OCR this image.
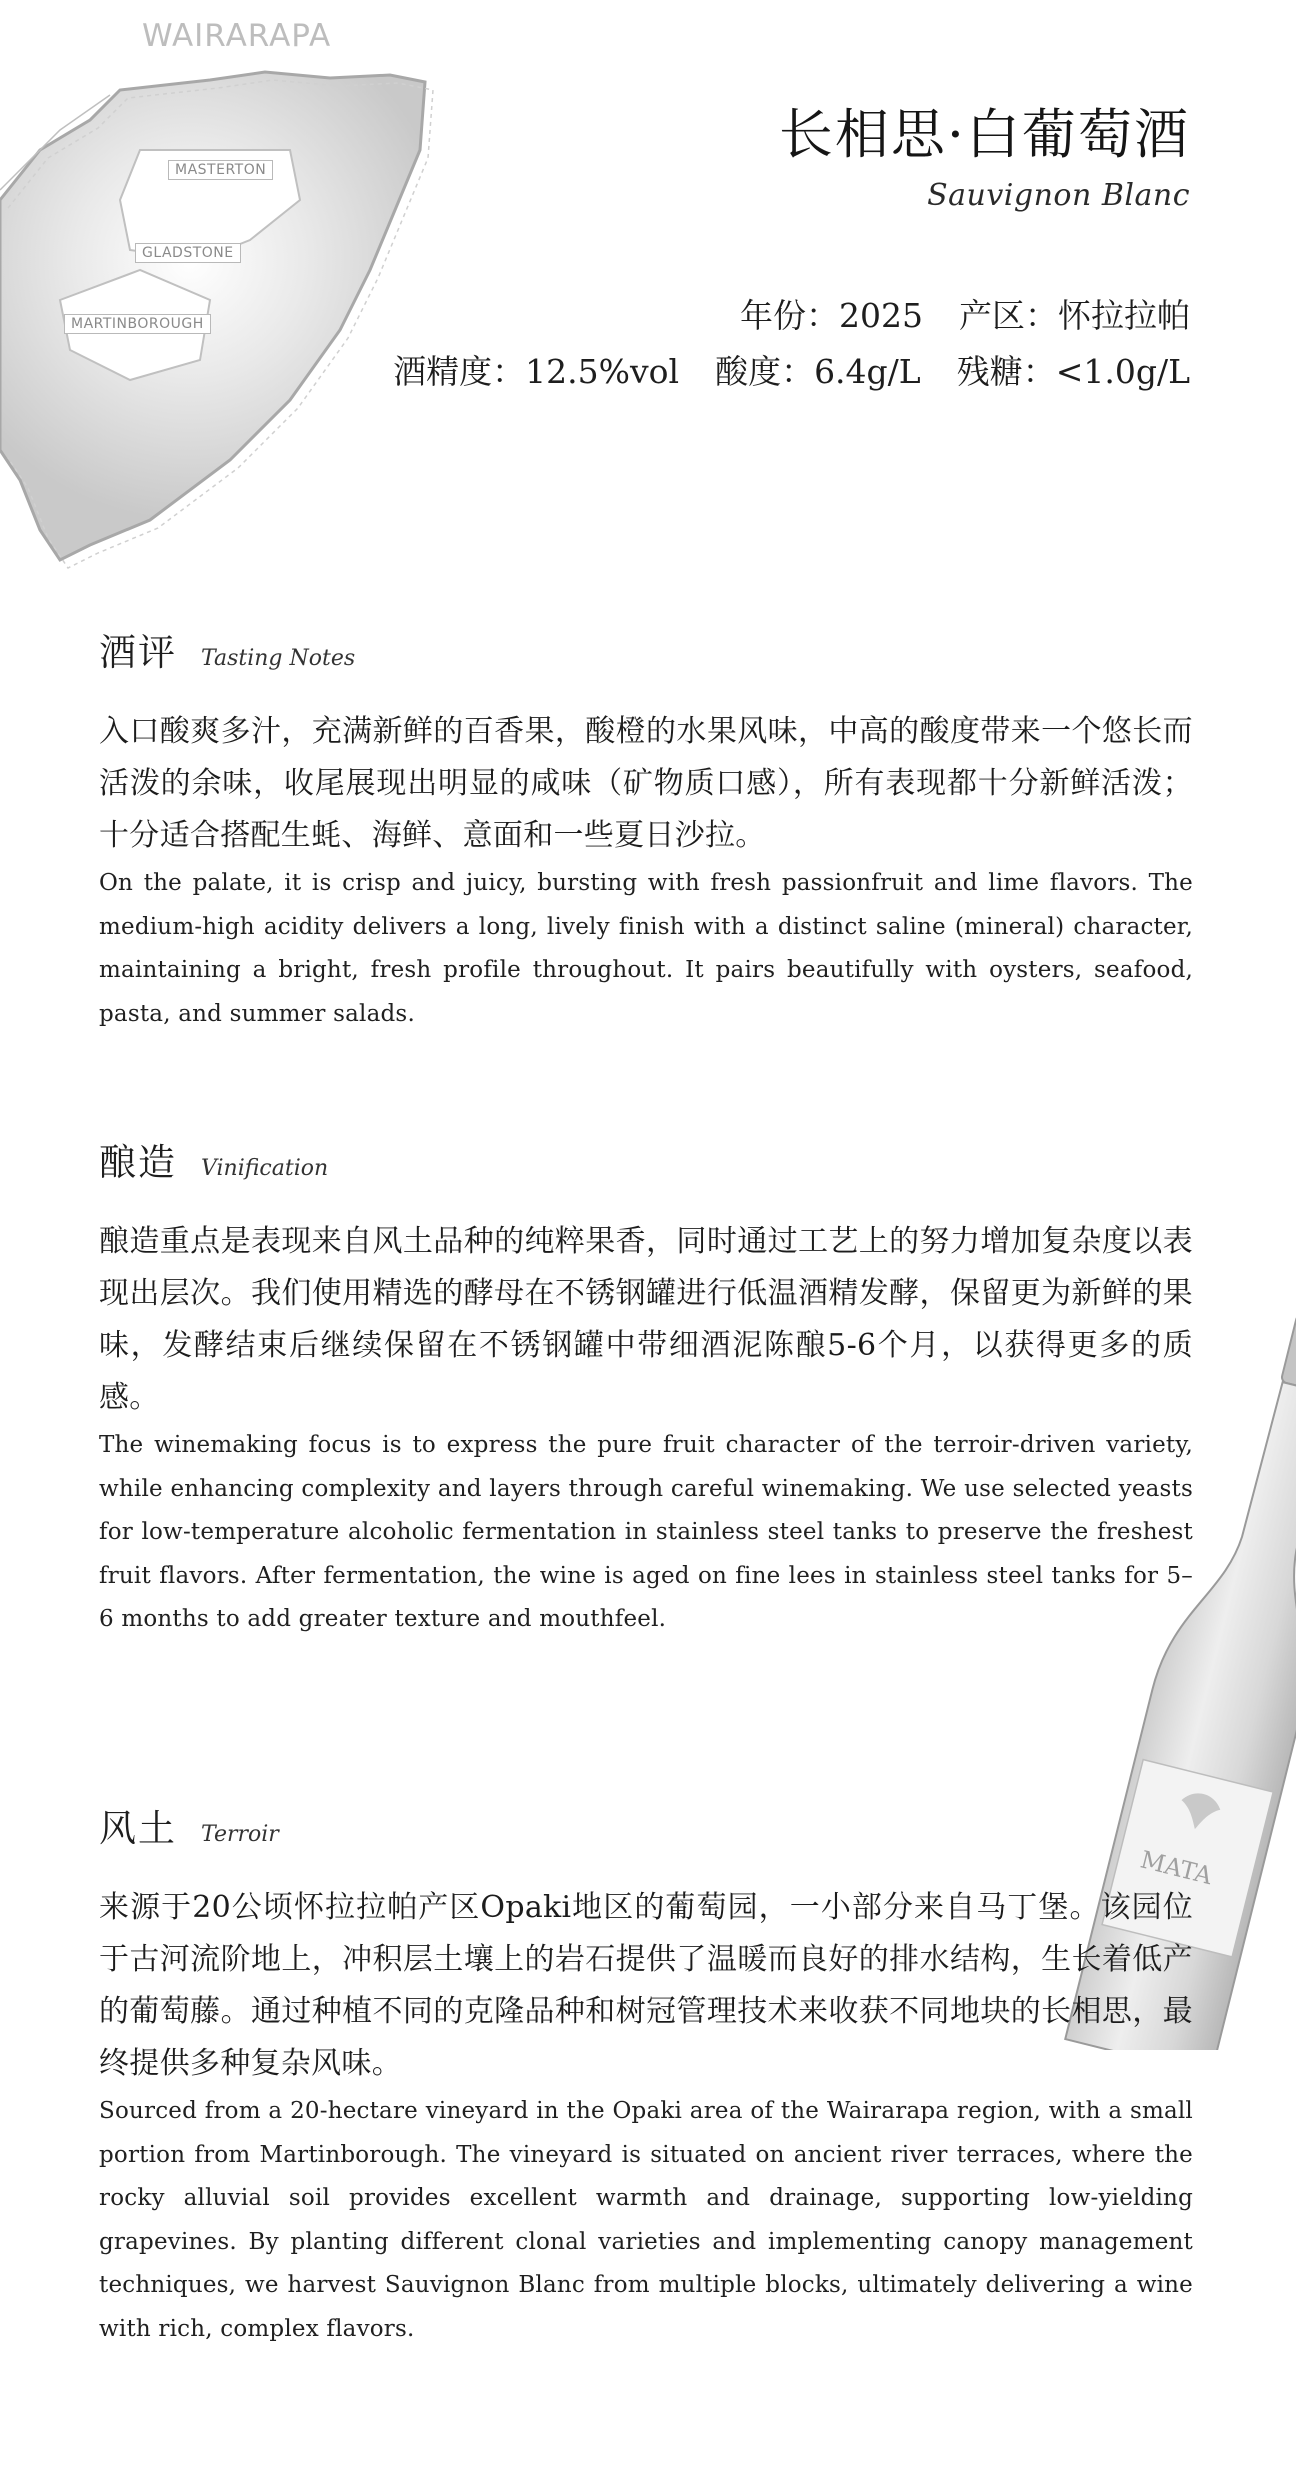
WAIRARAPA
MASTERTON
GLADSTONE
MARTINBOROUGH
长相思·白葡萄酒
Sauvignon Blanc
年份：2025 产区：怀拉拉帕
酒精度：12.5%vol 酸度：6.4g/L 残糖：<1.0g/L
MATA
酒评 Tasting Notes
入口酸爽多汁，充满新鲜的百香果，酸橙的水果风味，中高的酸度带来一个悠长而活泼的余味，收尾展现出明显的咸味（矿物质口感），所有表现都十分新鲜活泼；十分适合搭配生蚝、海鲜、意面和一些夏日沙拉。
On the palate, it is crisp and juicy, bursting with fresh passionfruit and lime flavors. The medium-high acidity delivers a long, lively finish with a distinct saline (mineral) character, maintaining a bright, fresh profile throughout. It pairs beautifully with oysters, seafood, pasta, and summer salads.
酿造 Vinification
酿造重点是表现来自风土品种的纯粹果香，同时通过工艺上的努力增加复杂度以表现出层次。我们使用精选的酵母在不锈钢罐进行低温酒精发酵，保留更为新鲜的果味，发酵结束后继续保留在不锈钢罐中带细酒泥陈酿5-6个月，以获得更多的质感。
The winemaking focus is to express the pure fruit character of the terroir-driven variety, while enhancing complexity and layers through careful winemaking. We use selected yeasts for low-temperature alcoholic fermentation in stainless steel tanks to preserve the freshest fruit flavors. After fermentation, the wine is aged on fine lees in stainless steel tanks for 5–6 months to add greater texture and mouthfeel.
风土 Terroir
来源于20公顷怀拉拉帕产区Opaki地区的葡萄园，一小部分来自马丁堡。该园位于古河流阶地上，冲积层土壤上的岩石提供了温暖而良好的排水结构，生长着低产的葡萄藤。通过种植不同的克隆品种和树冠管理技术来收获不同地块的长相思，最终提供多种复杂风味。
Sourced from a 20-hectare vineyard in the Opaki area of the Wairarapa region, with a small portion from Martinborough. The vineyard is situated on ancient river terraces, where the rocky alluvial soil provides excellent warmth and drainage, supporting low-yielding grapevines. By planting different clonal varieties and implementing canopy management techniques, we harvest Sauvignon Blanc from multiple blocks, ultimately delivering a wine with rich, complex flavors.
